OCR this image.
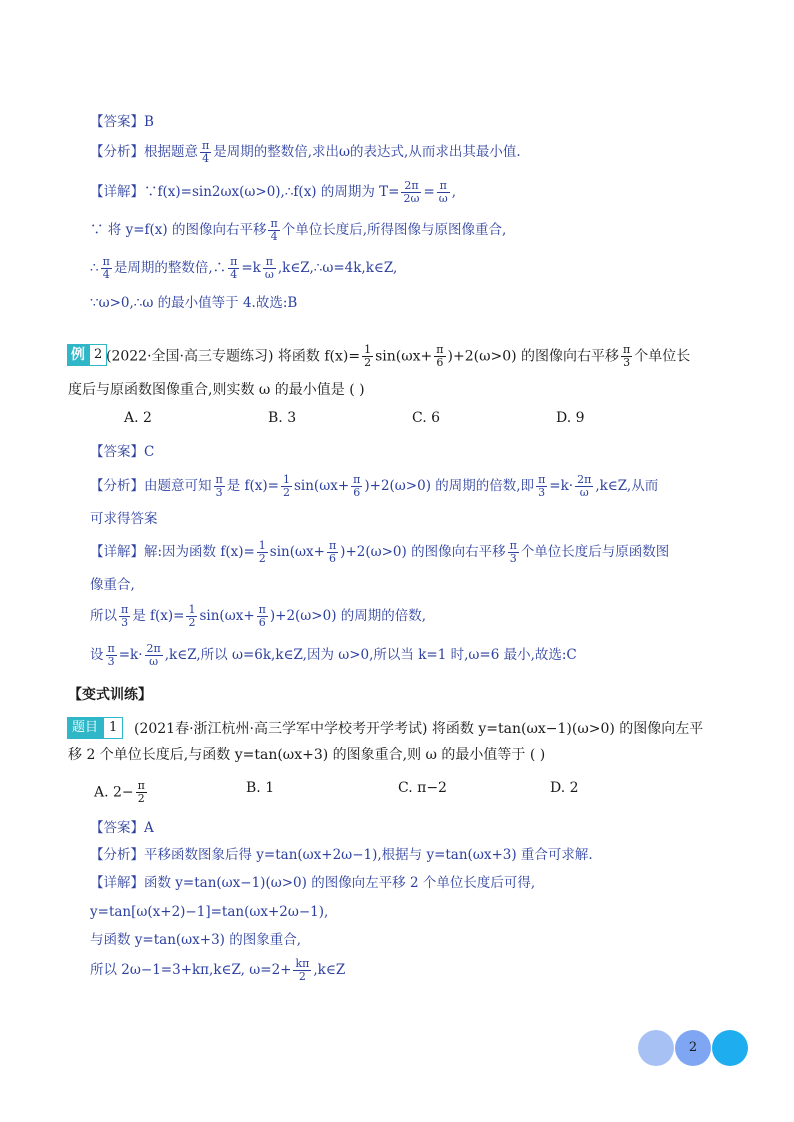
【答案】B
【分析】根据题意 $\frac{\pi}{4}$ 是周期的整数倍,求出ω的表达式,从而求出其最小值.
【详解】∵f(x)=sin2ωx(ω>0),∴f(x) 的周期为 $T= \frac{2\pi}{2\omega} = \frac{\pi}{\omega}$ ,
∵ 将 y=f(x) 的图像向右平移 $\frac{\pi}{4}$ 个单位长度后,所得图像与原图像重合,
∴ $\frac{\pi}{4}$ 是周期的整数倍,∴ $\frac{\pi}{4} =k \frac{\pi}{\omega}$ ,k∈Z,∴ω=4k,k∈Z,
∵ω>0,∴ω 的最小值等于 4.故选:B
例 2 (2022·全国·高三专题练习) 将函数 $f(x)= \frac{1}{2} \sin(\omega x+ \frac{\pi}{6} )+2(\omega>0)$ 的图像向右平移 $\frac{\pi}{3}$ 个单位长
度后与原函数图像重合,则实数 ω 的最小值是 ( )
A. 2	B. 3	C. 6	D. 9
【答案】C
【分析】由题意可知 $\frac{\pi}{3}$ 是 $f(x)= \frac{1}{2} \sin(\omega x+ \frac{\pi}{6} )+2(\omega>0)$ 的周期的倍数,即 $\frac{\pi}{3} =k\cdot \frac{2\pi}{\omega}$ ,k∈Z,从而
可求得答案
【详解】解:因为函数 $f(x)= \frac{1}{2} \sin(\omega x+ \frac{\pi}{6} )+2(\omega>0)$ 的图像向右平移 $\frac{\pi}{3}$ 个单位长度后与原函数图
像重合,
所以 $\frac{\pi}{3}$ 是 $f(x)= \frac{1}{2} \sin(\omega x+ \frac{\pi}{6} )+2(\omega>0)$ 的周期的倍数,
设 $\frac{\pi}{3} =k\cdot \frac{2\pi}{\omega}$ ,k∈Z,所以 ω=6k,k∈Z,因为 ω>0,所以当 k=1 时,ω=6 最小,故选:C
【变式训练】
题目 1	(2021春·浙江杭州·高三学军中学校考开学考试) 将函数 y=tan(ωx−1)(ω>0) 的图像向左平
移 2 个单位长度后,与函数 y=tan(ωx+3) 的图象重合,则 ω 的最小值等于 ( )
A. $2- \frac{\pi}{2}$	B. 1	C. π−2	D. 2
【答案】A
【分析】平移函数图象后得 y=tan(ωx+2ω−1),根据与 y=tan(ωx+3) 重合可求解.
【详解】函数 y=tan(ωx−1)(ω>0) 的图像向左平移 2 个单位长度后可得,
y=tan[ω(x+2)−1]=tan(ωx+2ω−1),
与函数 y=tan(ωx+3) 的图象重合,
所以 2ω−1=3+kπ,k∈Z, $\omega=2+ \frac{k\pi}{2}$ ,k∈Z
2
